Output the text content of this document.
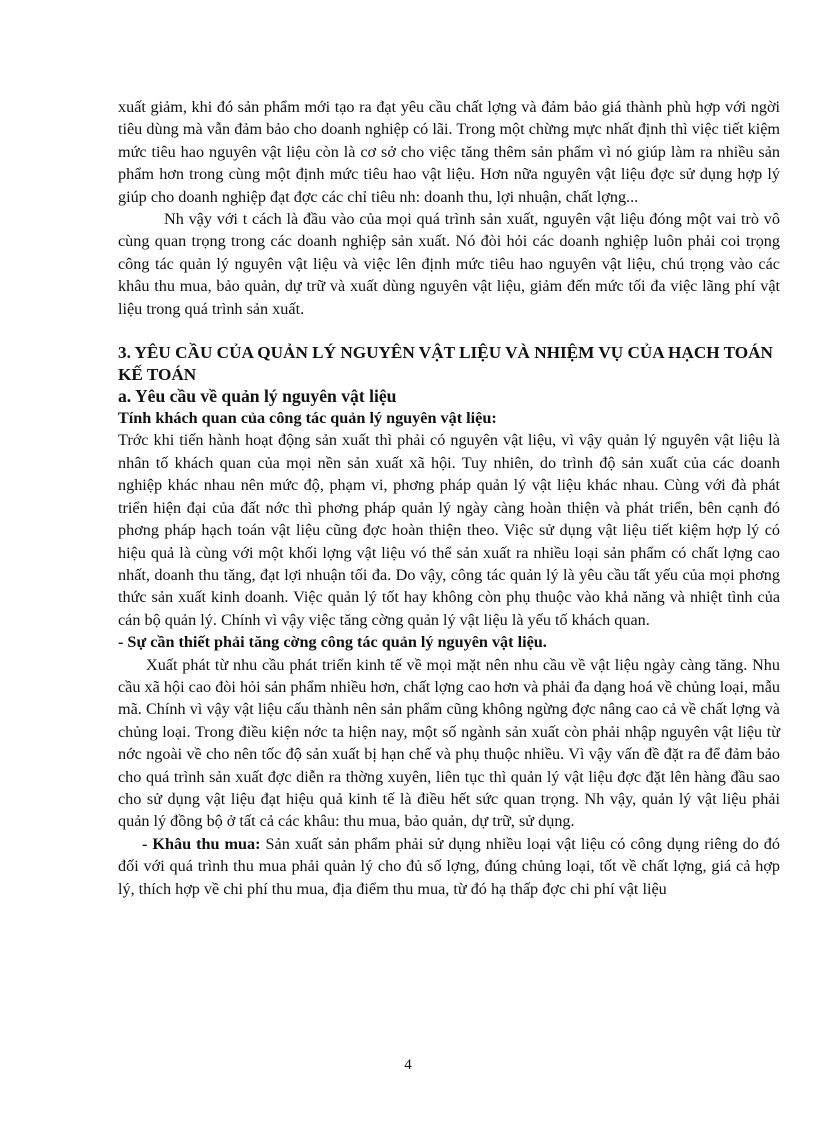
xuất giảm, khi đó sản phẩm mới tạo ra đạt yêu cầu chất lợng và đảm bảo giá thành phù hợp với ngời tiêu dùng mà vẫn đảm bảo cho doanh nghiệp có lãi. Trong một chừng mực nhất định thì việc tiết kiệm mức tiêu hao nguyên vật liệu còn là cơ sở cho việc tăng thêm sản phẩm vì nó giúp làm ra nhiều sản phẩm hơn trong cùng một định mức tiêu hao vật liệu. Hơn nữa nguyên vật liệu đợc sử dụng hợp lý giúp cho doanh nghiệp đạt đợc các chỉ tiêu nh: doanh thu, lợi nhuận, chất lợng...

Nh vậy với t cách là đầu vào của mọi quá trình sản xuất, nguyên vật liệu đóng một vai trò vô cùng quan trọng trong các doanh nghiệp sản xuất. Nó đòi hỏi các doanh nghiệp luôn phải coi trọng công tác quản lý nguyên vật liệu và việc lên định mức tiêu hao nguyên vật liệu, chú trọng vào các khâu thu mua, bảo quản, dự trữ và xuất dùng nguyên vật liệu, giảm đến mức tối đa việc lãng phí vật liệu trong quá trình sản xuất.

3. YÊU CẦU CỦA QUẢN LÝ NGUYÊN VẬT LIỆU VÀ NHIỆM VỤ CỦA HẠCH TOÁN KẾ TOÁN
a. Yêu cầu về quản lý nguyên vật liệu

Tính khách quan của công tác quản lý nguyên vật liệu:

Trớc khi tiến hành hoạt động sản xuất thì phải có nguyên vật liệu, vì vậy quản lý nguyên vật liệu là nhân tố khách quan của mọi nền sản xuất xã hội. Tuy nhiên, do trình độ sản xuất của các doanh nghiệp khác nhau nên mức độ, phạm vi, phơng pháp quản lý vật liệu khác nhau. Cùng với đà phát triển hiện đại của đất nớc thì phơng pháp quản lý ngày càng hoàn thiện và phát triển, bên cạnh đó phơng pháp hạch toán vật liệu cũng đợc hoàn thiện theo. Việc sử dụng vật liệu tiết kiệm hợp lý có hiệu quả là cùng với một khối lợng vật liệu vó thể sản xuất ra nhiều loại sản phẩm có chất lợng cao nhất, doanh thu tăng, đạt lợi nhuận tối đa. Do vậy, công tác quản lý là yêu cầu tất yếu của mọi phơng thức sản xuất kinh doanh. Việc quản lý tốt hay không còn phụ thuộc vào khả năng và nhiệt tình của cán bộ quản lý. Chính vì vậy việc tăng cờng quản lý vật liệu là yếu tố khách quan.

- Sự cần thiết phải tăng cờng công tác quản lý nguyên vật liệu.

Xuất phát từ nhu cầu phát triển kinh tế về mọi mặt nên nhu cầu về vật liệu ngày càng tăng. Nhu cầu xã hội cao đòi hỏi sản phẩm nhiều hơn, chất lợng cao hơn và phải đa dạng hoá về chủng loại, mẫu mã. Chính vì vậy vật liệu cấu thành nên sản phẩm cũng không ngừng đợc nâng cao cả về chất lợng và chủng loại. Trong điều kiện nớc ta hiện nay, một số ngành sản xuất còn phải nhập nguyên vật liệu từ nớc ngoài về cho nên tốc độ sản xuất bị hạn chế và phụ thuộc nhiều. Vì vậy vấn đề đặt ra để đảm bảo cho quá trình sản xuất đợc diễn ra thờng xuyên, liên tục thì quản lý vật liệu đợc đặt lên hàng đầu sao cho sử dụng vật liệu đạt hiệu quả kinh tế là điều hết sức quan trọng. Nh vậy, quản lý vật liệu phải quản lý đồng bộ ở tất cả các khâu: thu mua, bảo quản, dự trữ, sử dụng.

- Khâu thu mua: Sản xuất sản phẩm phải sử dụng nhiều loại vật liệu có công dụng riêng do đó đối với quá trình thu mua phải quản lý cho đủ số lợng, đúng chủng loại, tốt về chất lợng, giá cả hợp lý, thích hợp về chi phí thu mua, địa điểm thu mua, từ đó hạ thấp đợc chi phí vật liệu

4
